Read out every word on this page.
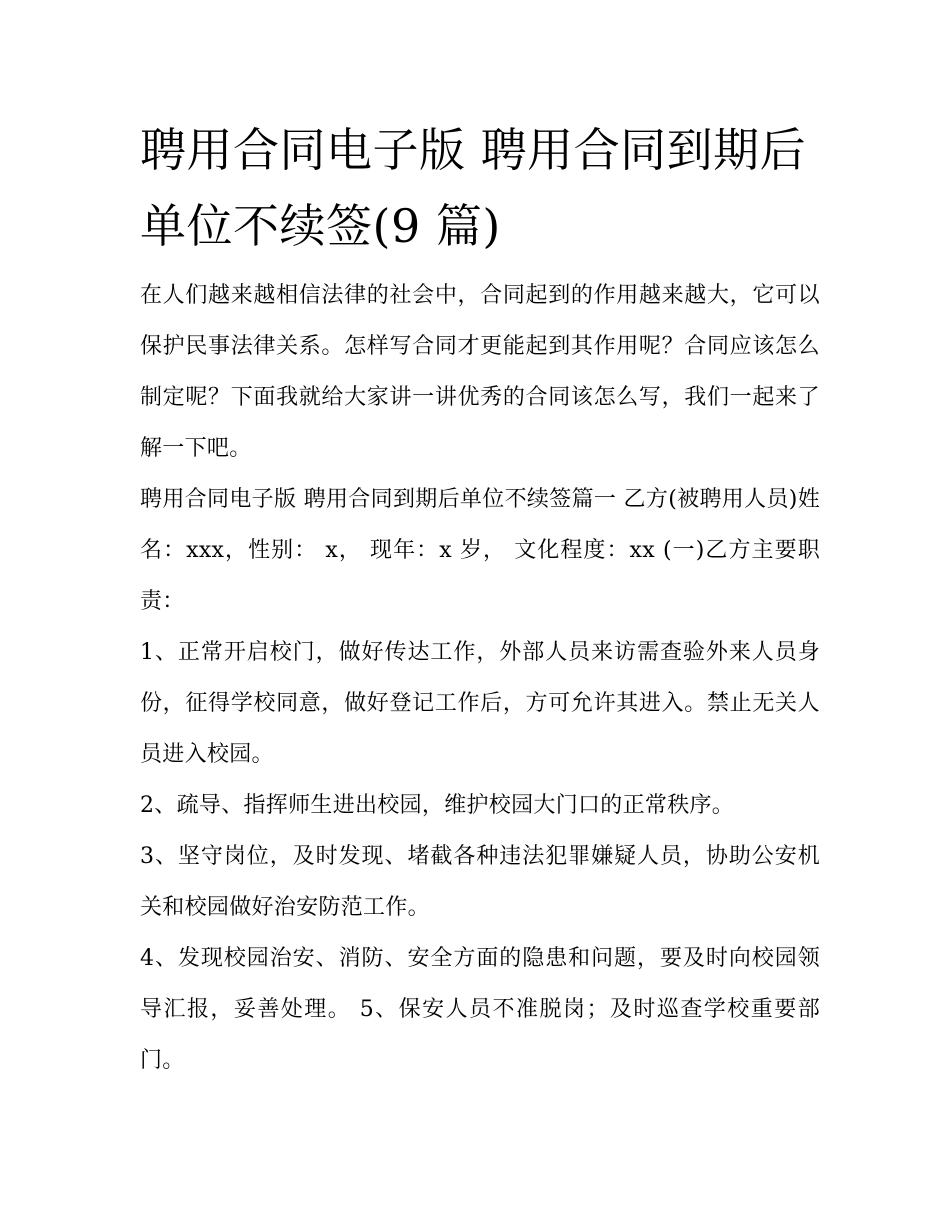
聘用合同电子版 聘用合同到期后单位不续签(9 篇)

在人们越来越相信法律的社会中，合同起到的作用越来越大，它可以保护民事法律关系。怎样写合同才更能起到其作用呢？合同应该怎么制定呢？下面我就给大家讲一讲优秀的合同该怎么写，我们一起来了解一下吧。

聘用合同电子版 聘用合同到期后单位不续签篇一 乙方(被聘用人员)姓名：xxx，性别： x， 现年：x 岁， 文化程度：xx (一)乙方主要职责：

1、正常开启校门，做好传达工作，外部人员来访需查验外来人员身份，征得学校同意，做好登记工作后，方可允许其进入。禁止无关人员进入校园。

2、疏导、指挥师生进出校园，维护校园大门口的正常秩序。

3、坚守岗位，及时发现、堵截各种违法犯罪嫌疑人员，协助公安机关和校园做好治安防范工作。

4、发现校园治安、消防、安全方面的隐患和问题，要及时向校园领导汇报，妥善处理。 5、保安人员不准脱岗；及时巡查学校重要部门。
